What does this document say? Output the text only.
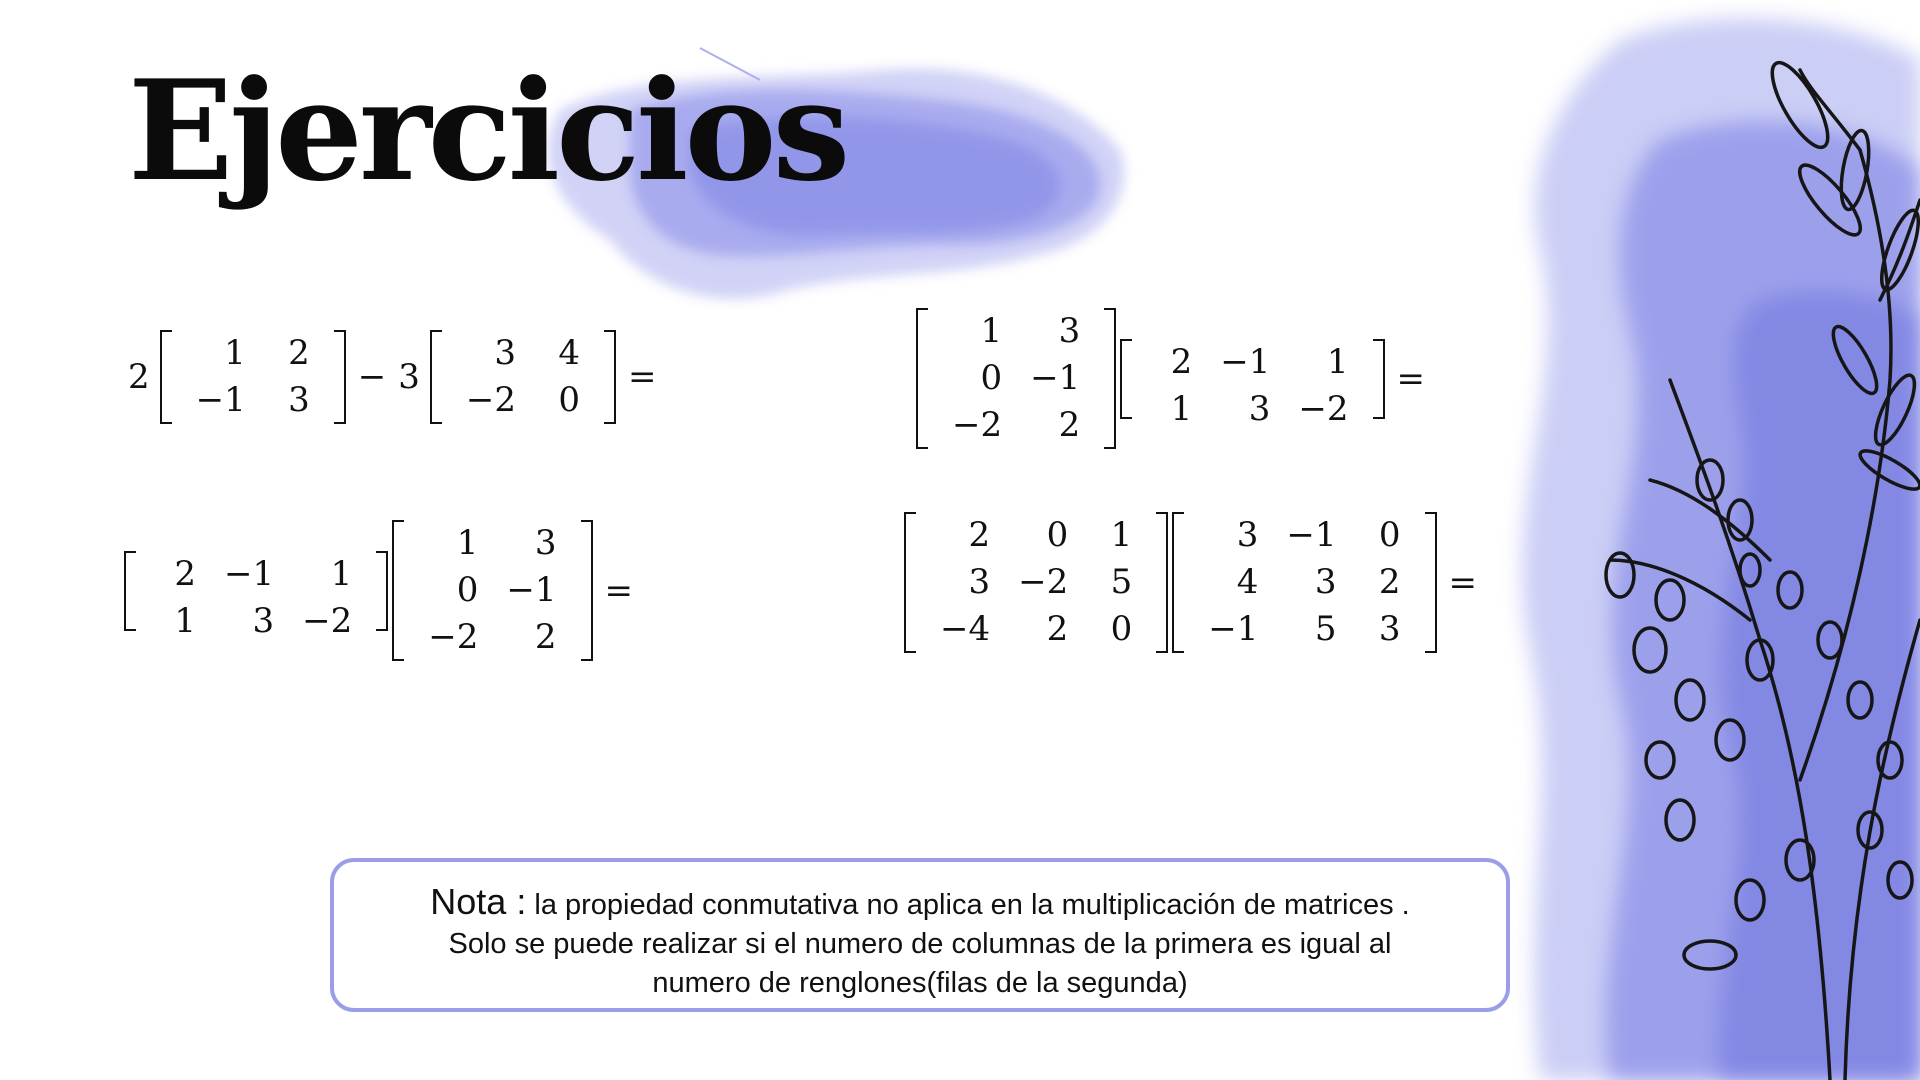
Ejercicios
2
1	2
−1	3
− 3
3	4
−2	0
=
1	3
0 −1
−2	2
2 −1	1
1	3 −2
=
2 −1	1
1	3 −2
1	3
0 −1
−2	2
=
2	0	1
3 −2	5
−4	2	0
3 −1	0
4	3	2
−1	5	3
=

Nota : la propiedad conmutativa no aplica en la multiplicación de matrices .

Solo se puede realizar si el numero de columnas de la primera es igual al

numero de renglones(filas de la segunda)
